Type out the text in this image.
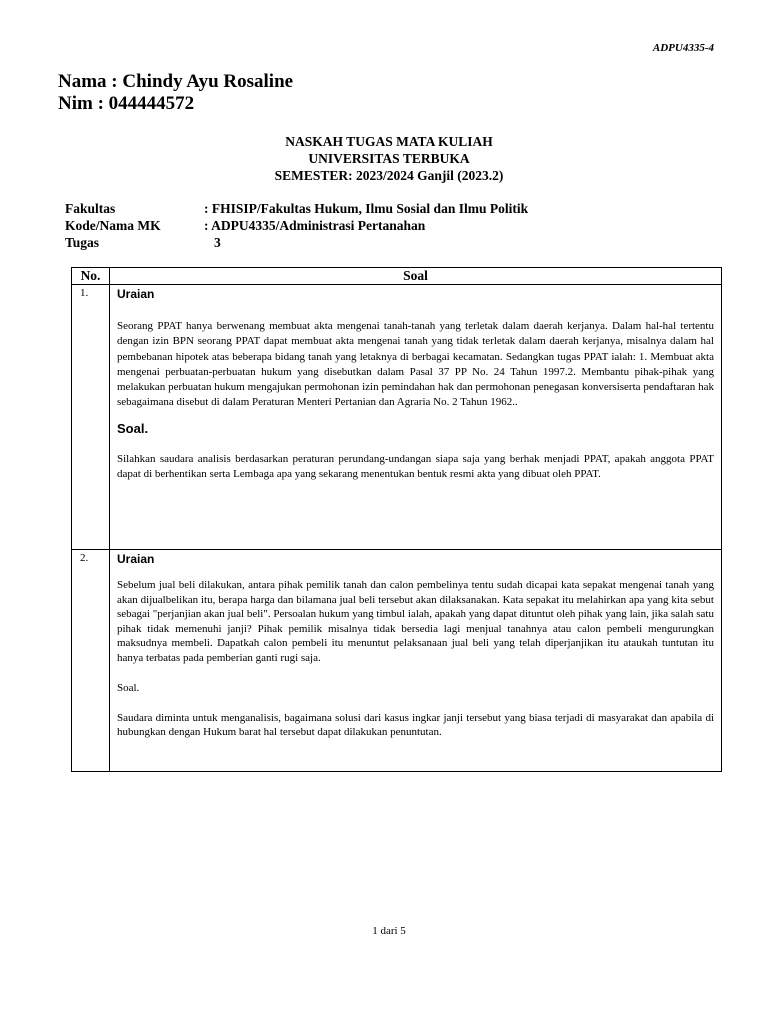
ADPU4335-4
Nama : Chindy Ayu Rosaline
Nim : 044444572
NASKAH TUGAS MATA KULIAH
UNIVERSITAS TERBUKA
SEMESTER: 2023/2024 Ganjil (2023.2)
Fakultas	: FHISIP/Fakultas Hukum, Ilmu Sosial dan Ilmu Politik
Kode/Nama MK	: ADPU4335/Administrasi Pertanahan
Tugas	3
No.	Soal
1.	Uraian

Seorang PPAT hanya berwenang membuat akta mengenai tanah-tanah yang terletak dalam daerah kerjanya. Dalam hal-hal tertentu dengan izin BPN seorang PPAT dapat membuat akta mengenai tanah yang tidak terletak dalam daerah kerjanya, misalnya dalam hal pembebanan hipotek atas beberapa bidang tanah yang letaknya di berbagai kecamatan. Sedangkan tugas PPAT ialah: 1. Membuat akta mengenai perbuatan-perbuatan hukum yang disebutkan dalam Pasal 37 PP No. 24 Tahun 1997.2. Membantu pihak-pihak yang melakukan perbuatan hukum mengajukan permohonan izin pemindahan hak dan permohonan penegasan konversiserta pendaftaran hak sebagaimana disebut di dalam Peraturan Menteri Pertanian dan Agraria No. 2 Tahun 1962..

Soal.

Silahkan saudara analisis berdasarkan peraturan perundang-undangan siapa saja yang berhak menjadi PPAT, apakah anggota PPAT dapat di berhentikan serta Lembaga apa yang sekarang menentukan bentuk resmi akta yang dibuat oleh PPAT.

2.	Uraian

Sebelum jual beli dilakukan, antara pihak pemilik tanah dan calon pembelinya tentu sudah dicapai kata sepakat mengenai tanah yang akan dijualbelikan itu, berapa harga dan bilamana jual beli tersebut akan dilaksanakan. Kata sepakat itu melahirkan apa yang kita sebut sebagai "perjanjian akan jual beli". Persoalan hukum yang timbul ialah, apakah yang dapat dituntut oleh pihak yang lain, jika salah satu pihak tidak memenuhi janji? Pihak pemilik misalnya tidak bersedia lagi menjual tanahnya atau calon pembeli mengurungkan maksudnya membeli. Dapatkah calon pembeli itu menuntut pelaksanaan jual beli yang telah diperjanjikan itu ataukah tuntutan itu hanya terbatas pada pemberian ganti rugi saja.

Soal.

Saudara diminta untuk menganalisis, bagaimana solusi dari kasus ingkar janji tersebut yang biasa terjadi di masyarakat dan apabila di hubungkan dengan Hukum barat hal tersebut dapat dilakukan penuntutan.

1 dari 5
